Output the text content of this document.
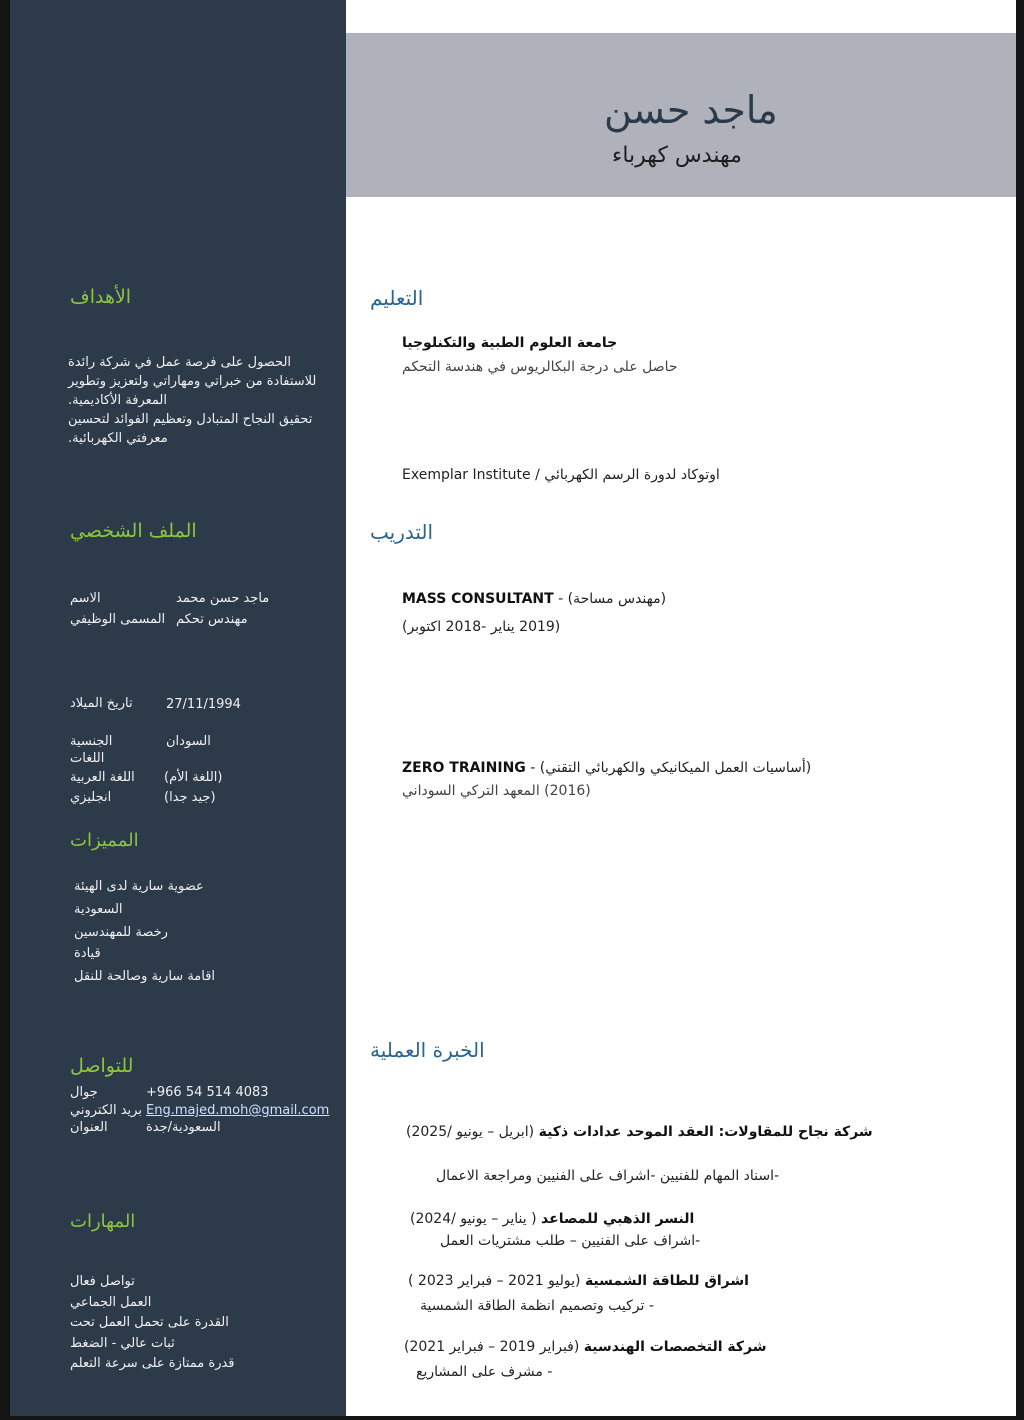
الأهداف
الحصول على فرصة عمل في شركة رائدة
للاستفادة من خبراتي ومهاراتي ولتعزيز وتطوير
المعرفة الأكاديمية.
تحقيق النجاح المتبادل وتعظيم الفوائد لتحسين
معرفتي الكهربائية.
الملف الشخصي
الاسم	ماجد حسن محمد
المسمى الوظيفي مهندس تحكم
تاريخ الميلاد	27/11/1994
الجنسية	السودان
اللغات
اللغة العربية (اللغة الأم)
انجليزي	(جيد جدا)
المميزات
عضوية سارية لدى الهيئة
السعودية
رخصة للمهندسين
قيادة
اقامة سارية وصالحة للنقل
للتواصل
جوال	+966 54 514 4083
بريد الكتروني Eng.majed.moh@gmail.com
العنوان	السعودية/جدة
المهارات
تواصل فعال
العمل الجماعي
القدرة على تحمل العمل تحت
ثبات عالي - الضغط
قدرة ممتازة على سرعة التعلم
ماجد حسن
مهندس كهرباء
التعليم
جامعة العلوم الطبية والتكنلوجيا
حاصل على درجة البكالريوس في هندسة التحكم
اوتوكاد لدورة الرسم الكهربائي / Exemplar Institute
التدريب
MASS CONSULTANT - (مهندس مساحة)
(2019 يناير -2018 اكتوبر)
ZERO TRAINING - (أساسيات العمل الميكانيكي والكهربائي التقني)
(2016) المعهد التركي السوداني
الخبرة العملية
شركة نجاح للمقاولات: العقد الموحد عدادات ذكية (ابريل – يونيو /2025)
-اسناد المهام للفنيين -اشراف على الفنيين ومراجعة الاعمال
النسر الذهبي للمصاعد ( يناير – يونيو /2024)
-اشراف على الفنيين – طلب مشتريات العمل
اشراق للطاقة الشمسية (يوليو 2021 – فبراير 2023 )
- تركيب وتصميم انظمة الطاقة الشمسية
شركة التخصصات الهندسية (فبراير 2019 – فبراير 2021)
- مشرف على المشاريع
